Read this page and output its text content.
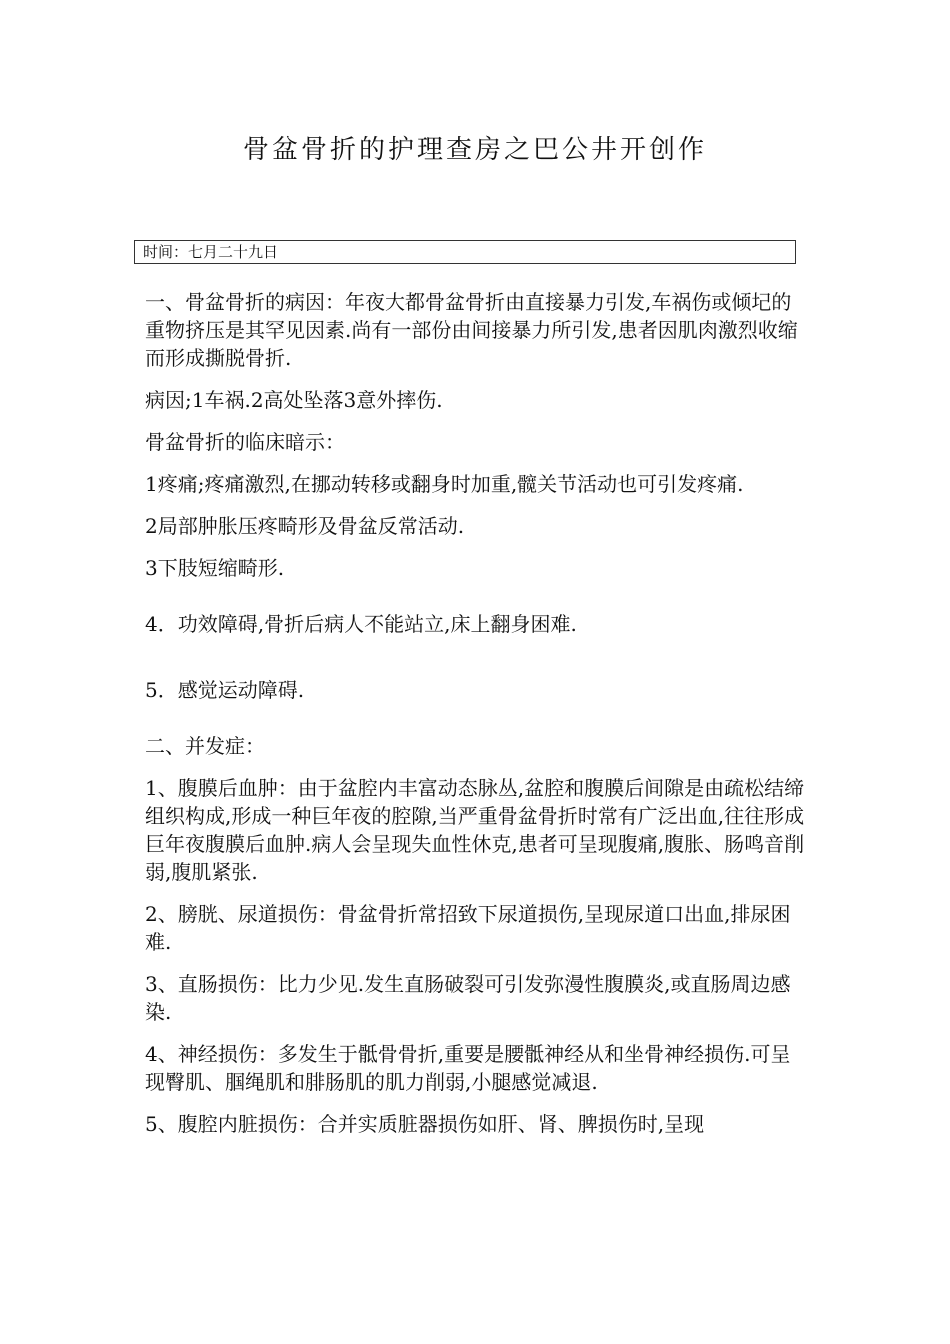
骨盆骨折的护理查房之巴公井开创作
时间：七月二十九日

一、骨盆骨折的病因：年夜大都骨盆骨折由直接暴力引发,车祸伤或倾圮的重物挤压是其罕见因素.尚有一部份由间接暴力所引发,患者因肌肉激烈收缩而形成撕脱骨折.

病因;1车祸.2高处坠落3意外摔伤.

骨盆骨折的临床暗示：

1疼痛;疼痛激烈,在挪动转移或翻身时加重,髋关节活动也可引发疼痛.

2局部肿胀压疼畸形及骨盆反常活动.

3下肢短缩畸形.

4．功效障碍,骨折后病人不能站立,床上翻身困难.

5．感觉运动障碍.

二、并发症：

1、腹膜后血肿：由于盆腔内丰富动态脉丛,盆腔和腹膜后间隙是由疏松结缔组织构成,形成一种巨年夜的腔隙,当严重骨盆骨折时常有广泛出血,往往形成巨年夜腹膜后血肿.病人会呈现失血性休克,患者可呈现腹痛,腹胀、肠鸣音削弱,腹肌紧张.

2、膀胱、尿道损伤：骨盆骨折常招致下尿道损伤,呈现尿道口出血,排尿困难.

3、直肠损伤：比力少见.发生直肠破裂可引发弥漫性腹膜炎,或直肠周边感染.

4、神经损伤：多发生于骶骨骨折,重要是腰骶神经从和坐骨神经损伤.可呈现臀肌、腘绳肌和腓肠肌的肌力削弱,小腿感觉减退.

5、腹腔内脏损伤：合并实质脏器损伤如肝、肾、脾损伤时,呈现
